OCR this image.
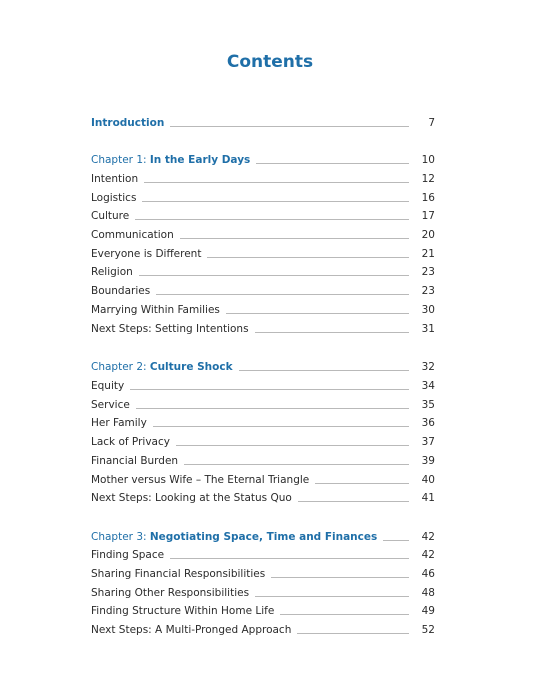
Contents
Introduction	7
Chapter 1: In the Early Days	10
Intention	12
Logistics	16
Culture	17
Communication	20
Everyone is Different	21
Religion	23
Boundaries	23
Marrying Within Families	30
Next Steps: Setting Intentions	31
Chapter 2: Culture Shock	32
Equity	34
Service	35
Her Family	36
Lack of Privacy	37
Financial Burden	39
Mother versus Wife – The Eternal Triangle	40
Next Steps: Looking at the Status Quo	41
Chapter 3: Negotiating Space, Time and Finances	42
Finding Space	42
Sharing Financial Responsibilities	46
Sharing Other Responsibilities	48
Finding Structure Within Home Life	49
Next Steps: A Multi-Pronged Approach	52
